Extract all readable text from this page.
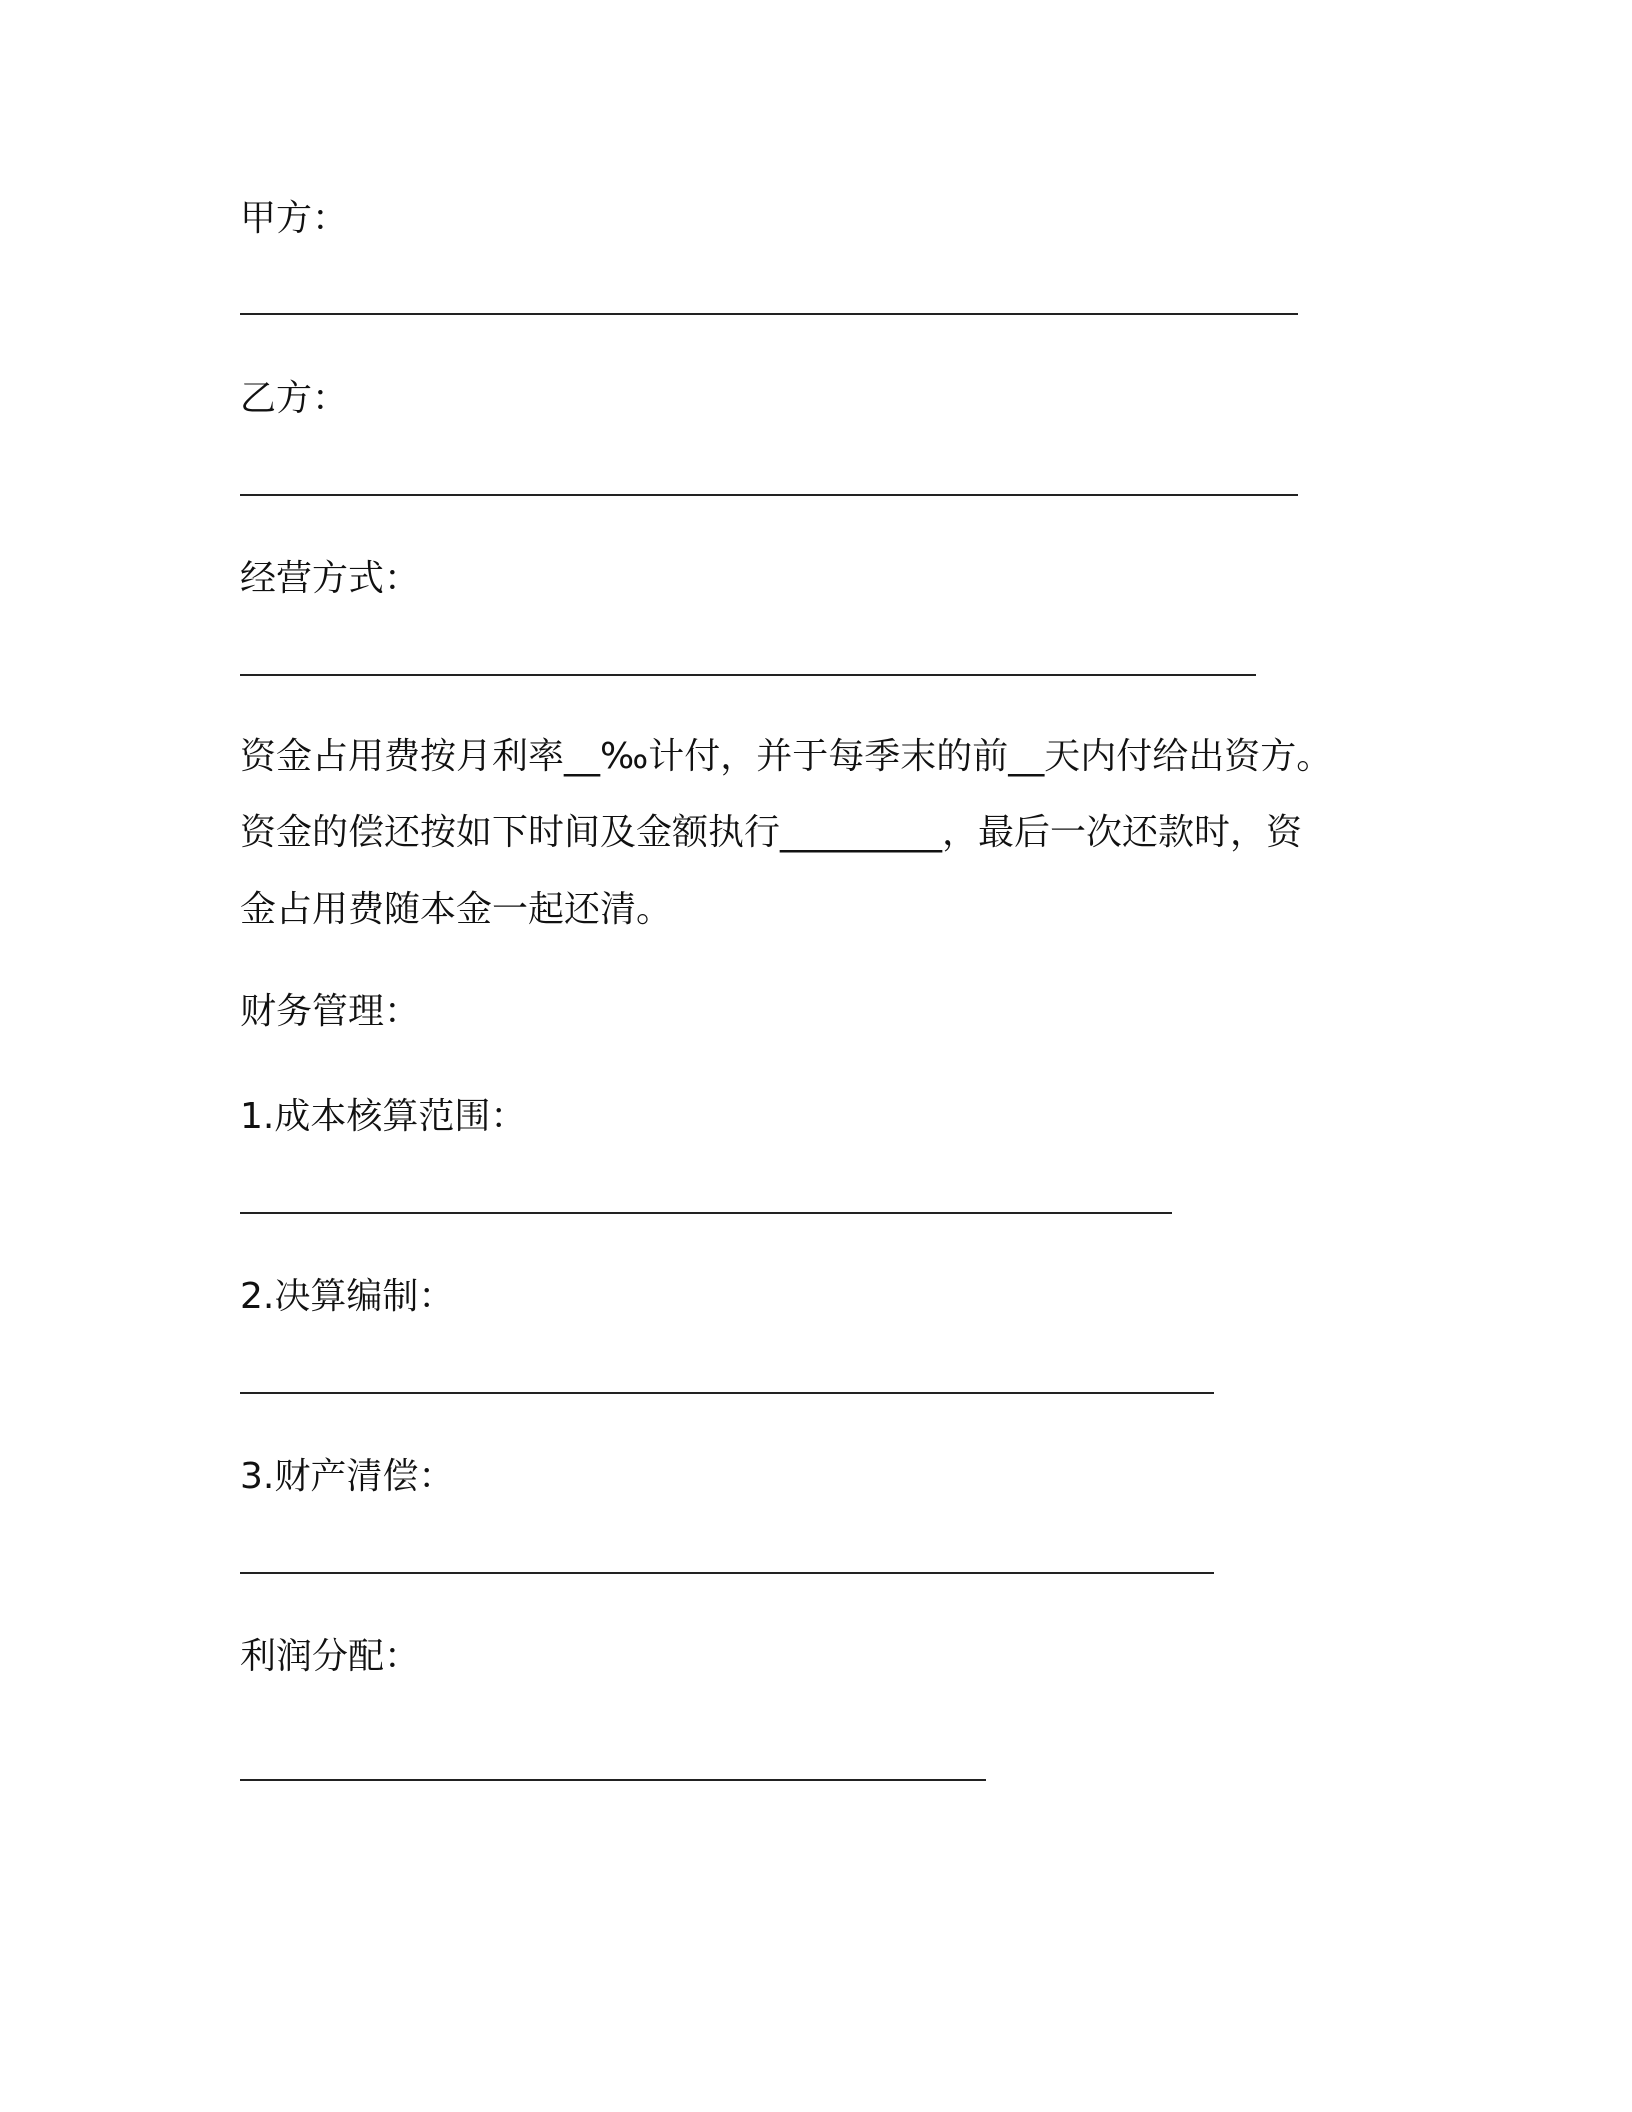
甲方：
乙方：
经营方式：
资金占用费按月利率__‰计付，并于每季末的前__天内付给出资方。
资金的偿还按如下时间及金额执行_________，最后一次还款时，资
金占用费随本金一起还清。
财务管理：
1.成本核算范围：
2.决算编制：
3.财产清偿：
利润分配：
